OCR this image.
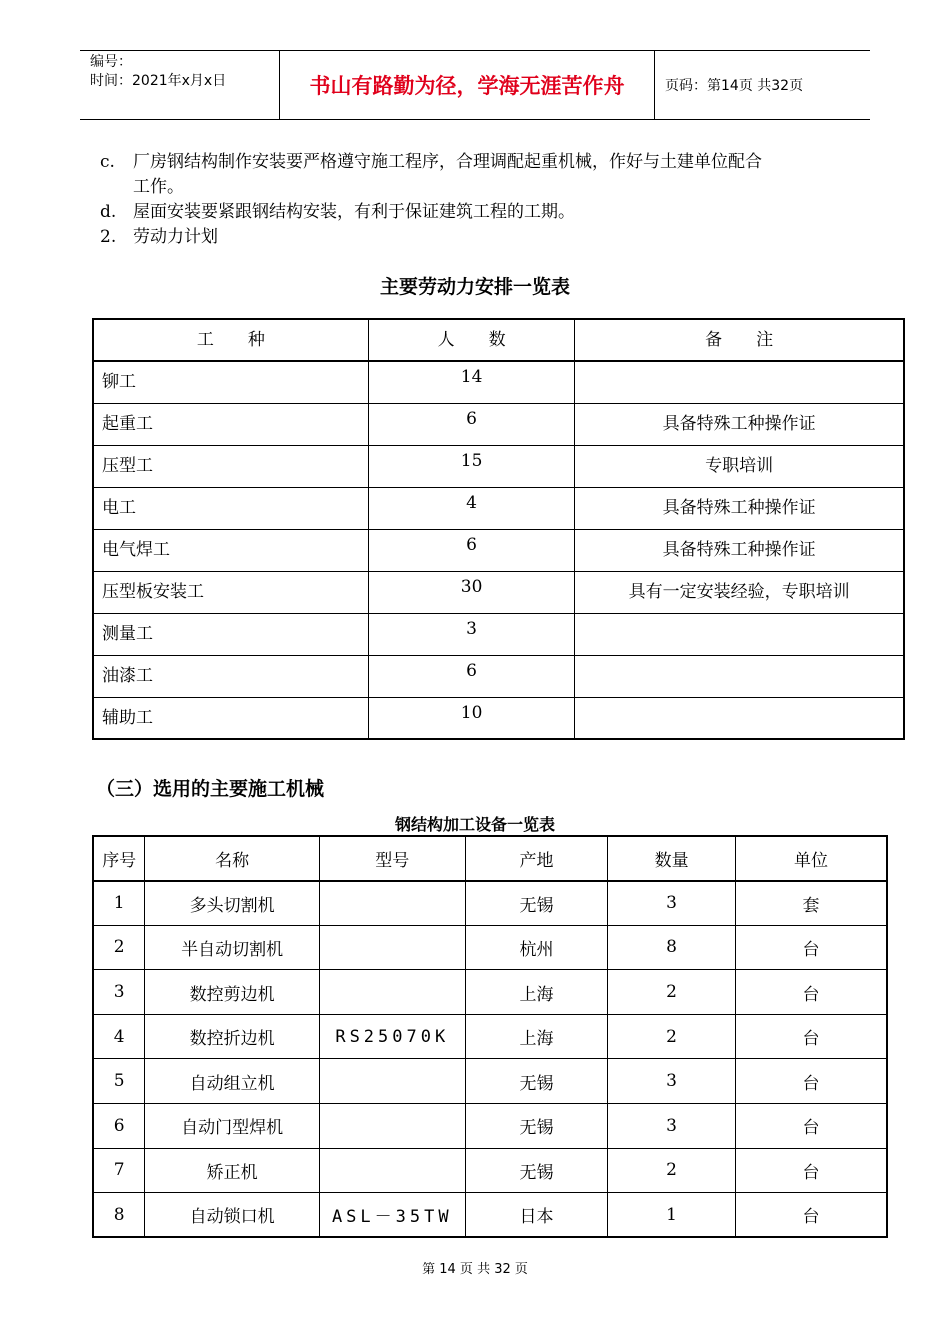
编号：
时间：2021年x月x日	书山有路勤为径，学海无涯苦作舟	页码：第14页 共32页
c. 厂房钢结构制作安装要严格遵守施工程序，合理调配起重机械，作好与土建单位配合
工作。
d. 屋面安装要紧跟钢结构安装，有利于保证建筑工程的工期。
2. 劳动力计划
主要劳动力安排一览表
工　　种	人　　数	备　　注
铆工	14	
起重工	6	具备特殊工种操作证
压型工	15	专职培训
电工	4	具备特殊工种操作证
电气焊工	6	具备特殊工种操作证
压型板安装工	30	具有一定安装经验，专职培训
测量工	3	
油漆工	6	
辅助工	10	
（三）选用的主要施工机械
钢结构加工设备一览表
序号	名称	型号	产地	数量	单位
1	多头切割机		无锡	3	套
2	半自动切割机		杭州	8	台
3	数控剪边机		上海	2	台
4	数控折边机	RS25070K	上海	2	台
5	自动组立机		无锡	3	台
6	自动门型焊机		无锡	3	台
7	矫正机		无锡	2	台
8	自动锁口机	ASL－35TW	日本	1	台
第 14 页 共 32 页
